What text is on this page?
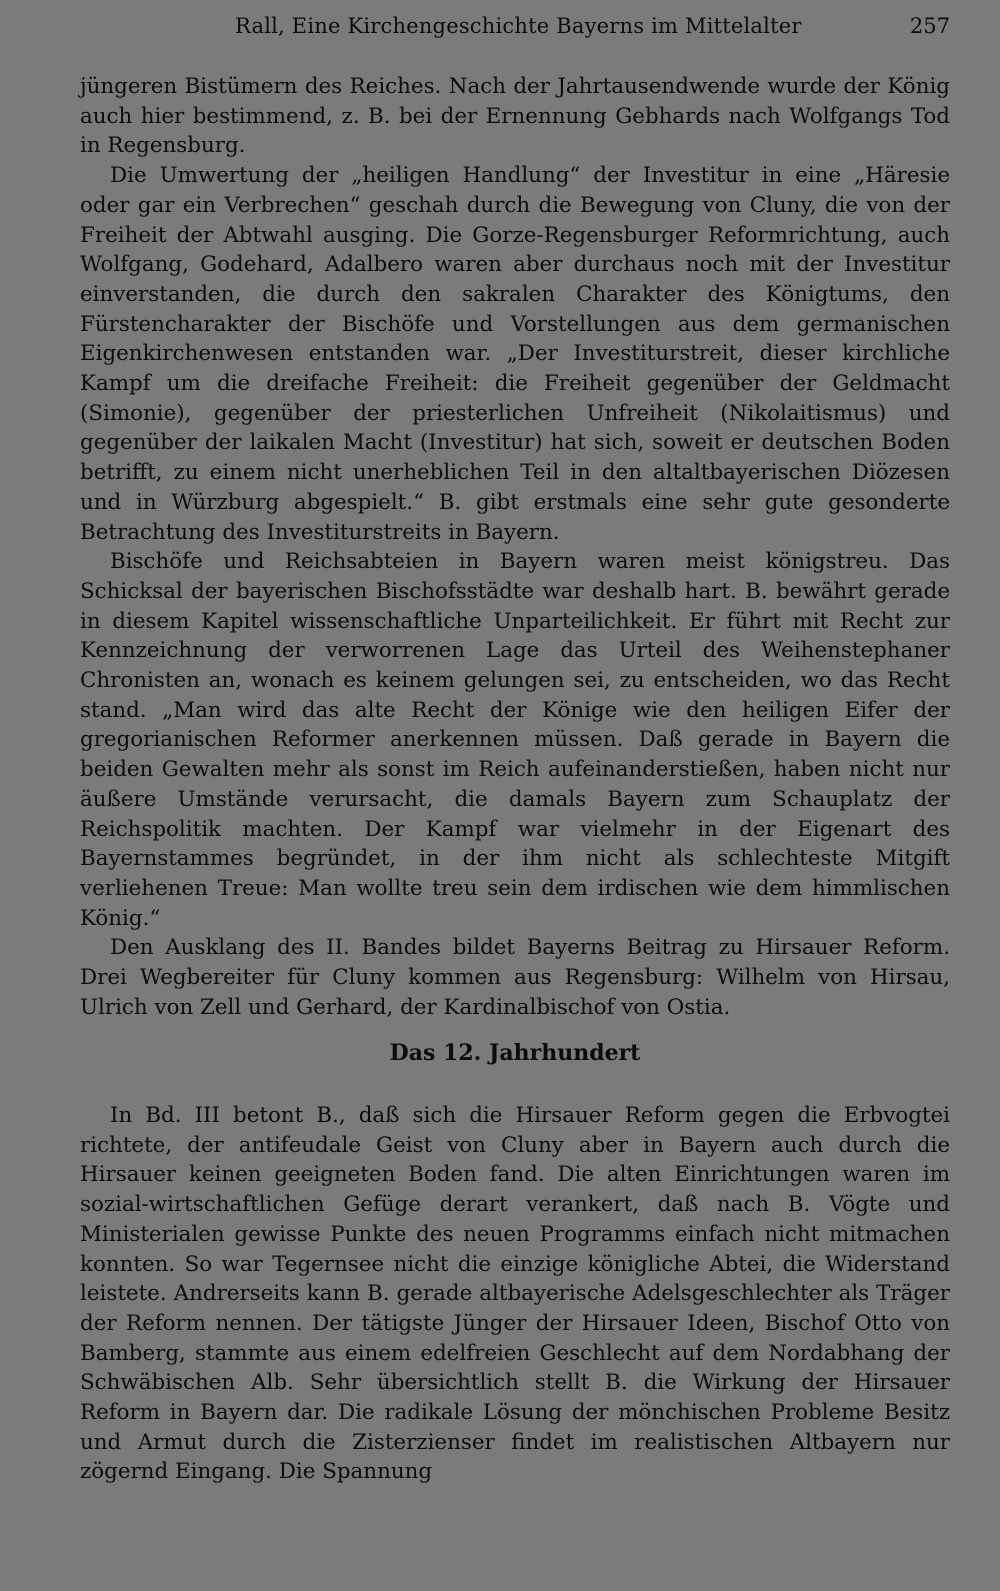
Rall, Eine Kirchengeschichte Bayerns im Mittelalter	257

jüngeren Bistümern des Reiches. Nach der Jahrtausendwende wurde der König auch hier bestimmend, z. B. bei der Ernennung Gebhards nach Wolfgangs Tod in Regensburg.

Die Umwertung der „heiligen Handlung“ der Investitur in eine „Häresie oder gar ein Verbrechen“ geschah durch die Bewegung von Cluny, die von der Freiheit der Abtwahl ausging. Die Gorze-Regensburger Reformrichtung, auch Wolfgang, Godehard, Adalbero waren aber durchaus noch mit der Investitur einverstanden, die durch den sakralen Charakter des Königtums, den Fürstencharakter der Bischöfe und Vorstellungen aus dem germanischen Eigenkirchenwesen entstanden war. „Der Investiturstreit, dieser kirchliche Kampf um die dreifache Freiheit: die Freiheit gegenüber der Geldmacht (Simonie), gegenüber der priesterlichen Unfreiheit (Nikolaitismus) und gegenüber der laikalen Macht (Investitur) hat sich, soweit er deutschen Boden betrifft, zu einem nicht unerheblichen Teil in den altaltbayerischen Diözesen und in Würzburg abgespielt.“ B. gibt erstmals eine sehr gute gesonderte Betrachtung des Investiturstreits in Bayern.

Bischöfe und Reichsabteien in Bayern waren meist königstreu. Das Schicksal der bayerischen Bischofsstädte war deshalb hart. B. bewährt gerade in diesem Kapitel wissenschaftliche Unparteilichkeit. Er führt mit Recht zur Kennzeichnung der verworrenen Lage das Urteil des Weihenstephaner Chronisten an, wonach es keinem gelungen sei, zu entscheiden, wo das Recht stand. „Man wird das alte Recht der Könige wie den heiligen Eifer der gregorianischen Reformer anerkennen müssen. Daß gerade in Bayern die beiden Gewalten mehr als sonst im Reich aufeinanderstießen, haben nicht nur äußere Umstände verursacht, die damals Bayern zum Schauplatz der Reichspolitik machten. Der Kampf war vielmehr in der Eigenart des Bayernstammes begründet, in der ihm nicht als schlechteste Mitgift verliehenen Treue: Man wollte treu sein dem irdischen wie dem himmlischen König.“

Den Ausklang des II. Bandes bildet Bayerns Beitrag zu Hirsauer Reform. Drei Wegbereiter für Cluny kommen aus Regensburg: Wilhelm von Hirsau, Ulrich von Zell und Gerhard, der Kardinalbischof von Ostia.

Das 12. Jahrhundert

In Bd. III betont B., daß sich die Hirsauer Reform gegen die Erbvogtei richtete, der antifeudale Geist von Cluny aber in Bayern auch durch die Hirsauer keinen geeigneten Boden fand. Die alten Einrichtungen waren im sozial-wirtschaftlichen Gefüge derart verankert, daß nach B. Vögte und Ministerialen gewisse Punkte des neuen Programms einfach nicht mitmachen konnten. So war Tegernsee nicht die einzige königliche Abtei, die Widerstand leistete. Andrerseits kann B. gerade altbayerische Adelsgeschlechter als Träger der Reform nennen. Der tätigste Jünger der Hirsauer Ideen, Bischof Otto von Bamberg, stammte aus einem edelfreien Geschlecht auf dem Nordabhang der Schwäbischen Alb. Sehr übersichtlich stellt B. die Wirkung der Hirsauer Reform in Bayern dar. Die radikale Lösung der mönchischen Probleme Besitz und Armut durch die Zisterzienser findet im realistischen Altbayern nur zögernd Eingang. Die Spannung
